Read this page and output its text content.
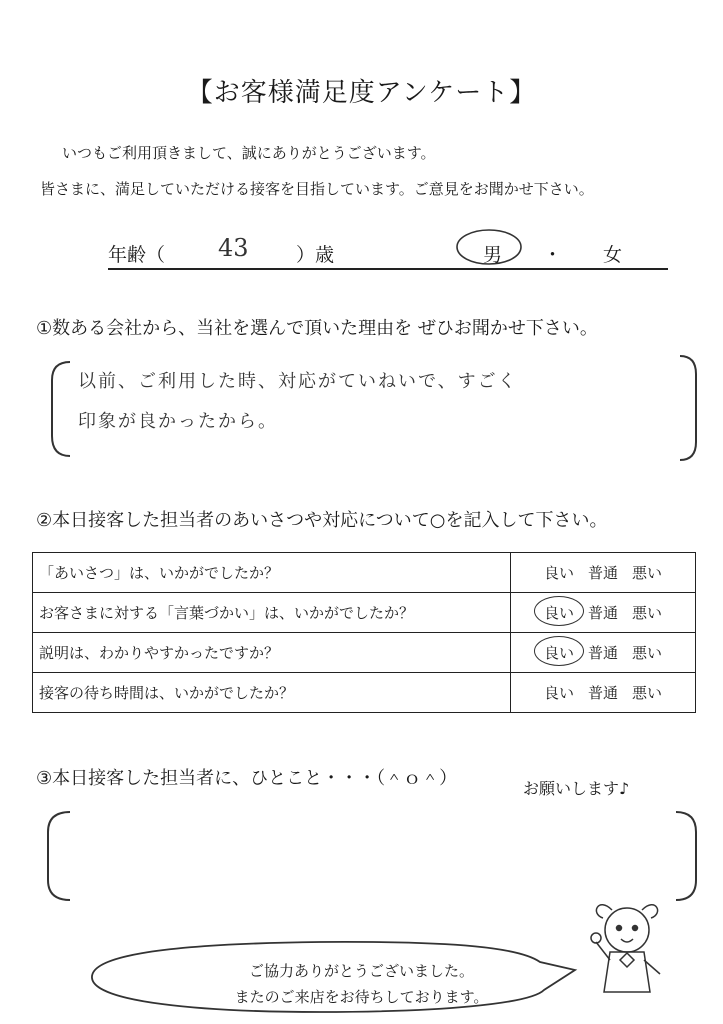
【お客様満足度アンケート】
いつもご利用頂きまして、誠にありがとうございます。
皆さまに、満足していただける接客を目指しています。ご意見をお聞かせ下さい。
年齢（ 43 ）歳	男 ・ 女
①数ある会社から、当社を選んで頂いた理由を ぜひお聞かせ下さい。
以前、ご利用した時、対応がていねいで、すごく
印象が良かったから。
②本日接客した担当者のあいさつや対応について○を記入して下さい。
「あいさつ」は、いかがでしたか？	良い 普通 悪い
お客さまに対する「言葉づかい」は、いかがでしたか？	良い 普通 悪い
説明は、わかりやすかったですか？	良い 普通 悪い
接客の待ち時間は、いかがでしたか？	良い 普通 悪い
③本日接客した担当者に、ひとこと・・・（＾ｏ＾）	お願いします♪
ご協力ありがとうございました。
またのご来店をお待ちしております。
